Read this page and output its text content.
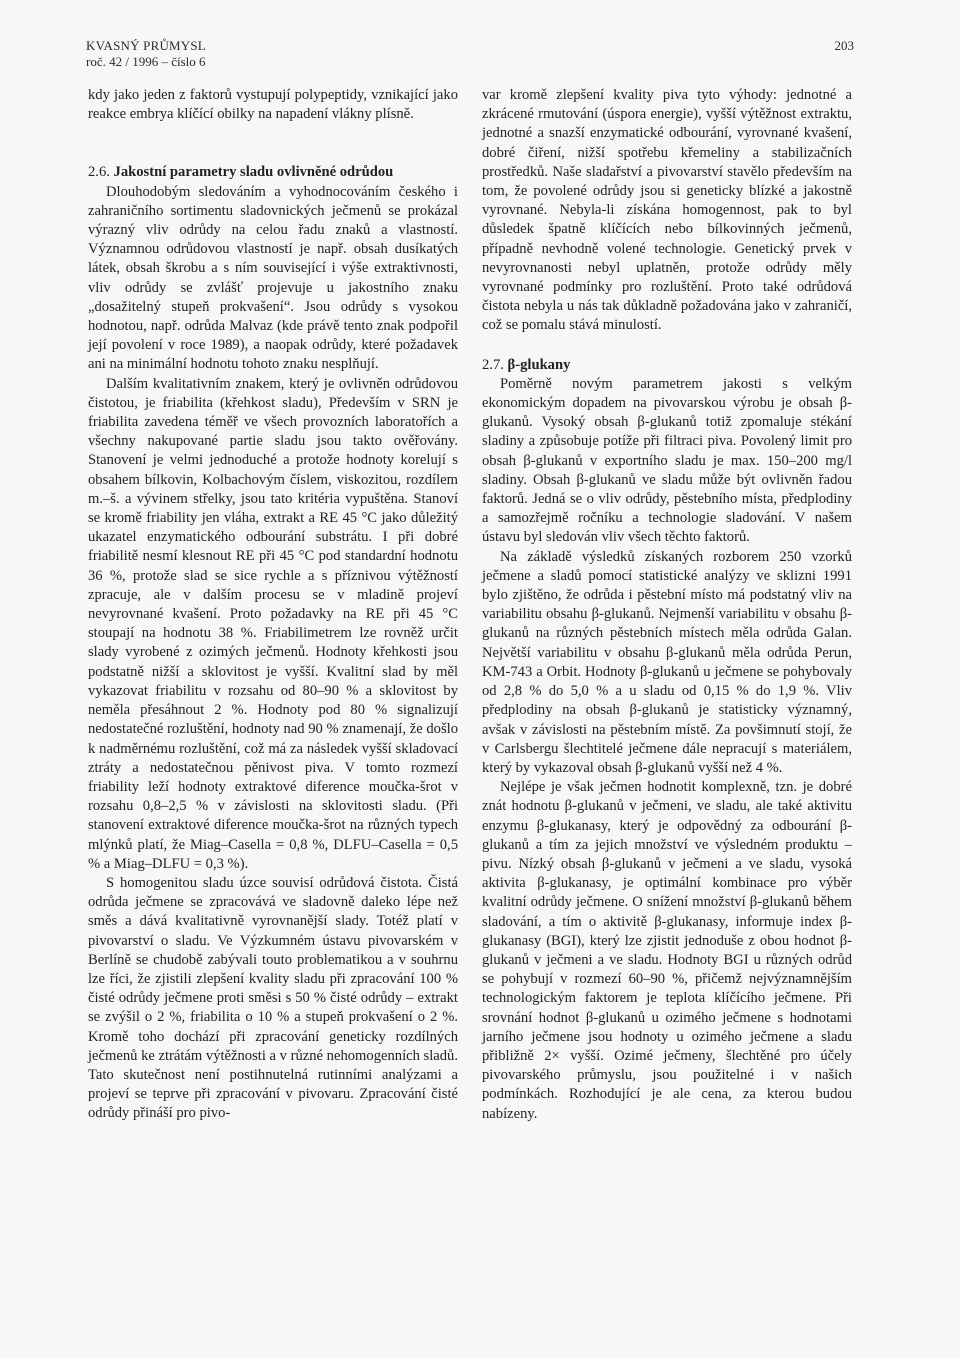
KVASNÝ PRŮMYSL
roč. 42 / 1996 – číslo 6
203

kdy jako jeden z faktorů vystupují polypeptidy, vznikající jako reakce embrya klíčící obilky na napadení vlákny plísně.

2.6. Jakostní parametry sladu ovlivněné odrůdou

Dlouhodobým sledováním a vyhodnocováním českého i zahraničního sortimentu sladovnických ječmenů se prokázal výrazný vliv odrůdy na celou řadu znaků a vlastností. Významnou odrůdovou vlastností je např. obsah dusíkatých látek, obsah škrobu a s ním související i výše extraktivnosti, vliv odrůdy se zvlášť projevuje u jakostního znaku „dosažitelný stupeň prokvašení“. Jsou odrůdy s vysokou hodnotou, např. odrůda Malvaz (kde právě tento znak podpořil její povolení v roce 1989), a naopak odrůdy, které požadavek ani na minimální hodnotu tohoto znaku nesplňují.

Dalším kvalitativním znakem, který je ovlivněn odrůdovou čistotou, je friabilita (křehkost sladu), Především v SRN je friabilita zavedena téměř ve všech provozních laboratořích a všechny nakupované partie sladu jsou takto ověřovány. Stanovení je velmi jednoduché a protože hodnoty korelují s obsahem bílkovin, Kolbachovým číslem, viskozitou, rozdílem m.–š. a vývinem střelky, jsou tato kritéria vypuštěna. Stanoví se kromě friability jen vláha, extrakt a RE 45 °C jako důležitý ukazatel enzymatického odbourání substrátu. I při dobré friabilitě nesmí klesnout RE při 45 °C pod standardní hodnotu 36 %, protože slad se sice rychle a s příznivou výtěžností zpracuje, ale v dalším procesu se v mladině projeví nevyrovnané kvašení. Proto požadavky na RE při 45 °C stoupají na hodnotu 38 %. Friabilimetrem lze rovněž určit slady vyrobené z ozimých ječmenů. Hodnoty křehkosti jsou podstatně nižší a sklovitost je vyšší. Kvalitní slad by měl vykazovat friabilitu v rozsahu od 80–90 % a sklovitost by neměla přesáhnout 2 %. Hodnoty pod 80 % signalizují nedostatečné rozluštění, hodnoty nad 90 % znamenají, že došlo k nadměrnému rozluštění, což má za následek vyšší skladovací ztráty a nedostatečnou pěnivost piva. V tomto rozmezí friability leží hodnoty extraktové diference moučka-šrot v rozsahu 0,8–2,5 % v závislosti na sklovitosti sladu. (Při stanovení extraktové diference moučka-šrot na různých typech mlýnků platí, že Miag–Casella = 0,8 %, DLFU–Casella = 0,5 % a Miag–DLFU = 0,3 %).

S homogenitou sladu úzce souvisí odrůdová čistota. Čistá odrůda ječmene se zpracovává ve sladovně daleko lépe než směs a dává kvalitativně vyrovnanější slady. Totéž platí v pivovarství o sladu. Ve Výzkumném ústavu pivovarském v Berlíně se chudobě zabývali touto problematikou a v souhrnu lze říci, že zjistili zlepšení kvality sladu při zpracování 100 % čisté odrůdy ječmene proti směsi s 50 % čisté odrůdy – extrakt se zvýšil o 2 %, friabilita o 10 % a stupeň prokvašení o 2 %. Kromě toho dochází při zpracování geneticky rozdílných ječmenů ke ztrátám výtěžnosti a v různé nehomogenních sladů. Tato skutečnost není postihnutelná rutinními analýzami a projeví se teprve při zpracování v pivovaru. Zpracování čisté odrůdy přináší pro pivo-

var kromě zlepšení kvality piva tyto výhody: jednotné a zkrácené rmutování (úspora energie), vyšší výtěžnost extraktu, jednotné a snazší enzymatické odbourání, vyrovnané kvašení, dobré čiření, nižší spotřebu křemeliny a stabilizačních prostředků. Naše sladařství a pivovarství stavělo především na tom, že povolené odrůdy jsou si geneticky blízké a jakostně vyrovnané. Nebyla-li získána homogennost, pak to byl důsledek špatně klíčících nebo bílkovinných ječmenů, případně nevhodně volené technologie. Genetický prvek v nevyrovnanosti nebyl uplatněn, protože odrůdy měly vyrovnané podmínky pro rozluštění. Proto také odrůdová čistota nebyla u nás tak důkladně požadována jako v zahraničí, což se pomalu stává minulostí.

2.7. β-glukany

Poměrně novým parametrem jakosti s velkým ekonomickým dopadem na pivovarskou výrobu je obsah β-glukanů. Vysoký obsah β-glukanů totiž zpomaluje stékání sladiny a způsobuje potíže při filtraci piva. Povolený limit pro obsah β-glukanů v exportního sladu je max. 150–200 mg/l sladiny. Obsah β-glukanů ve sladu může být ovlivněn řadou faktorů. Jedná se o vliv odrůdy, pěstebního místa, předplodiny a samozřejmě ročníku a technologie sladování. V našem ústavu byl sledován vliv všech těchto faktorů.

Na základě výsledků získaných rozborem 250 vzorků ječmene a sladů pomocí statistické analýzy ve sklizni 1991 bylo zjištěno, že odrůda i pěstební místo má podstatný vliv na variabilitu obsahu β-glukanů. Nejmenší variabilitu v obsahu β-glukanů na různých pěstebních místech měla odrůda Galan. Největší variabilitu v obsahu β-glukanů měla odrůda Perun, KM-743 a Orbit. Hodnoty β-glukanů u ječmene se pohybovaly od 2,8 % do 5,0 % a u sladu od 0,15 % do 1,9 %. Vliv předplodiny na obsah β-glukanů je statisticky významný, avšak v závislosti na pěstebním místě. Za povšimnutí stojí, že v Carlsbergu šlechtitelé ječmene dále nepracují s materiálem, který by vykazoval obsah β-glukanů vyšší než 4 %.

Nejlépe je však ječmen hodnotit komplexně, tzn. je dobré znát hodnotu β-glukanů v ječmeni, ve sladu, ale také aktivitu enzymu β-glukanasy, který je odpovědný za odbourání β-glukanů a tím za jejich množství ve výsledném produktu – pivu. Nízký obsah β-glukanů v ječmeni a ve sladu, vysoká aktivita β-glukanasy, je optimální kombinace pro výběr kvalitní odrůdy ječmene. O snížení množství β-glukanů během sladování, a tím o aktivitě β-glukanasy, informuje index β-glukanasy (BGI), který lze zjistit jednoduše z obou hodnot β-glukanů v ječmeni a ve sladu. Hodnoty BGI u různých odrůd se pohybují v rozmezí 60–90 %, přičemž nejvýznamnějším technologickým faktorem je teplota klíčícího ječmene. Při srovnání hodnot β-glukanů u ozimého ječmene s hodnotami jarního ječmene jsou hodnoty u ozimého ječmene a sladu přibližně 2× vyšší. Ozimé ječmeny, šlechtěné pro účely pivovarského průmyslu, jsou použitelné i v našich podmínkách. Rozhodující je ale cena, za kterou budou nabízeny.
